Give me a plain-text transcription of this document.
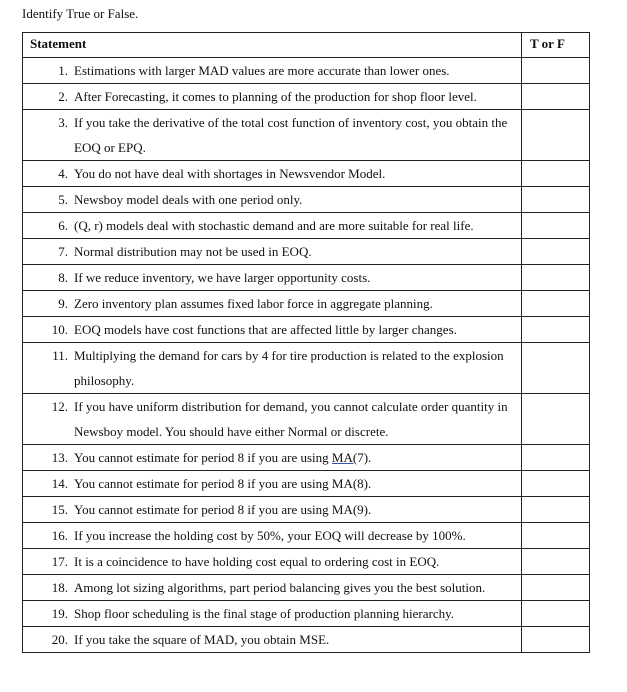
Identify True or False.
Statement	T or F

1. Estimations with larger MAD values are more accurate than lower ones.	

2. After Forecasting, it comes to planning of the production for shop floor level.	

3. If you take the derivative of the total cost function of inventory cost, you obtain the EOQ or EPQ.	

4. You do not have deal with shortages in Newsvendor Model.	

5. Newsboy model deals with one period only.	

6. (Q, r) models deal with stochastic demand and are more suitable for real life.	

7. Normal distribution may not be used in EOQ.	

8. If we reduce inventory, we have larger opportunity costs.	

9. Zero inventory plan assumes fixed labor force in aggregate planning.	

10. EOQ models have cost functions that are affected little by larger changes.	

11. Multiplying the demand for cars by 4 for tire production is related to the explosion philosophy.	

12. If you have uniform distribution for demand, you cannot calculate order quantity in Newsboy model. You should have either Normal or discrete.	

13. You cannot estimate for period 8 if you are using MA(7).	

14. You cannot estimate for period 8 if you are using MA(8).	

15. You cannot estimate for period 8 if you are using MA(9).	

16. If you increase the holding cost by 50%, your EOQ will decrease by 100%.	

17. It is a coincidence to have holding cost equal to ordering cost in EOQ.	

18. Among lot sizing algorithms, part period balancing gives you the best solution.	

19. Shop floor scheduling is the final stage of production planning hierarchy.	

20. If you take the square of MAD, you obtain MSE.	
